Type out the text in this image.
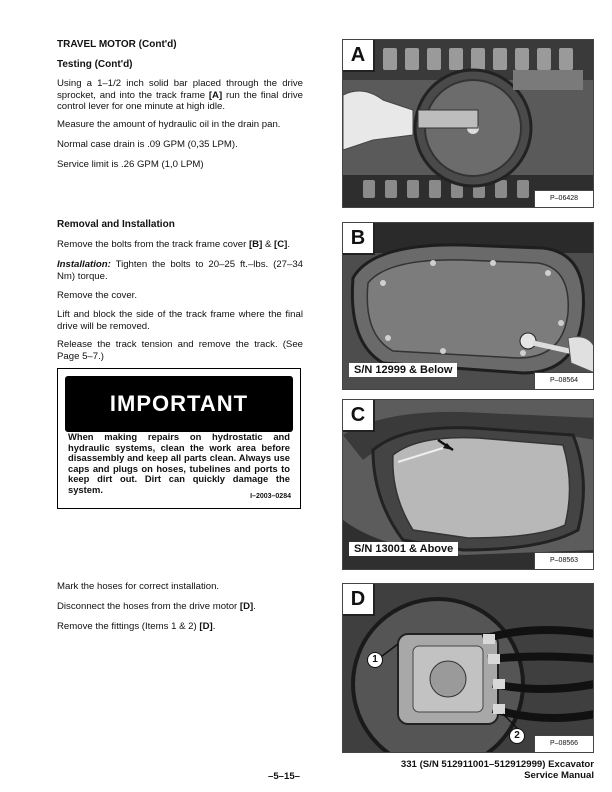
TRAVEL MOTOR (Cont'd)

Testing (Cont'd)

Using a 1–1/2 inch solid bar placed through the drive sprocket, and into the track frame [A] run the final drive control lever for one minute at high idle.

Measure the amount of hydraulic oil in the drain pan.

Normal case drain is .09 GPM (0,35 LPM).

Service limit is .26 GPM (1,0 LPM)

Removal and Installation

Remove the bolts from the track frame cover [B] & [C].

Installation: Tighten the bolts to 20–25 ft.–lbs. (27–34 Nm) torque.

Remove the cover.

Lift and block the side of the track frame where the final drive will be removed.

Release the track tension and remove the track. (See Page 5–7.)

IMPORTANT
When making repairs on hydrostatic and hydraulic systems, clean the work area before disassembly and keep all parts clean. Always use caps and plugs on hoses, tubelines and ports to keep dirt out. Dirt can quickly damage the system.
I–2003–0284

Mark the hoses for correct installation.

Disconnect the hoses from the drive motor [D].

Remove the fittings (Items 1 & 2) [D].

A
P–06428
B
S/N 12999 & Below
P–08564
C
S/N 13001 & Above
P–08563
D
1
2
P–08566
–5–15–
331 (S/N 512911001–512912999) Excavator
Service Manual
